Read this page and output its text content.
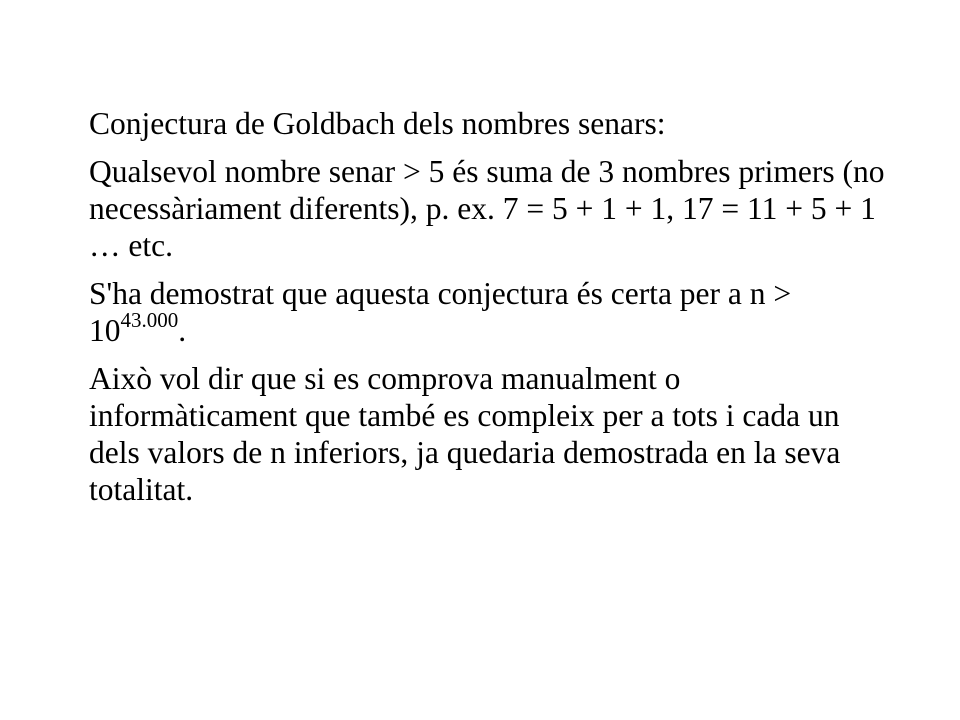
Conjectura de Goldbach dels nombres senars:

Qualsevol nombre senar > 5 és suma de 3 nombres primers (no necessàriament diferents), p. ex. 7 = 5 + 1 + 1, 17 = 11 + 5 + 1 … etc.

S'ha demostrat que aquesta conjectura és certa per a $n > 10^{43.000}$.

Això vol dir que si es comprova manualment o informàticament que també es compleix per a tots i cada un dels valors de n inferiors, ja quedaria demostrada en la seva totalitat.
